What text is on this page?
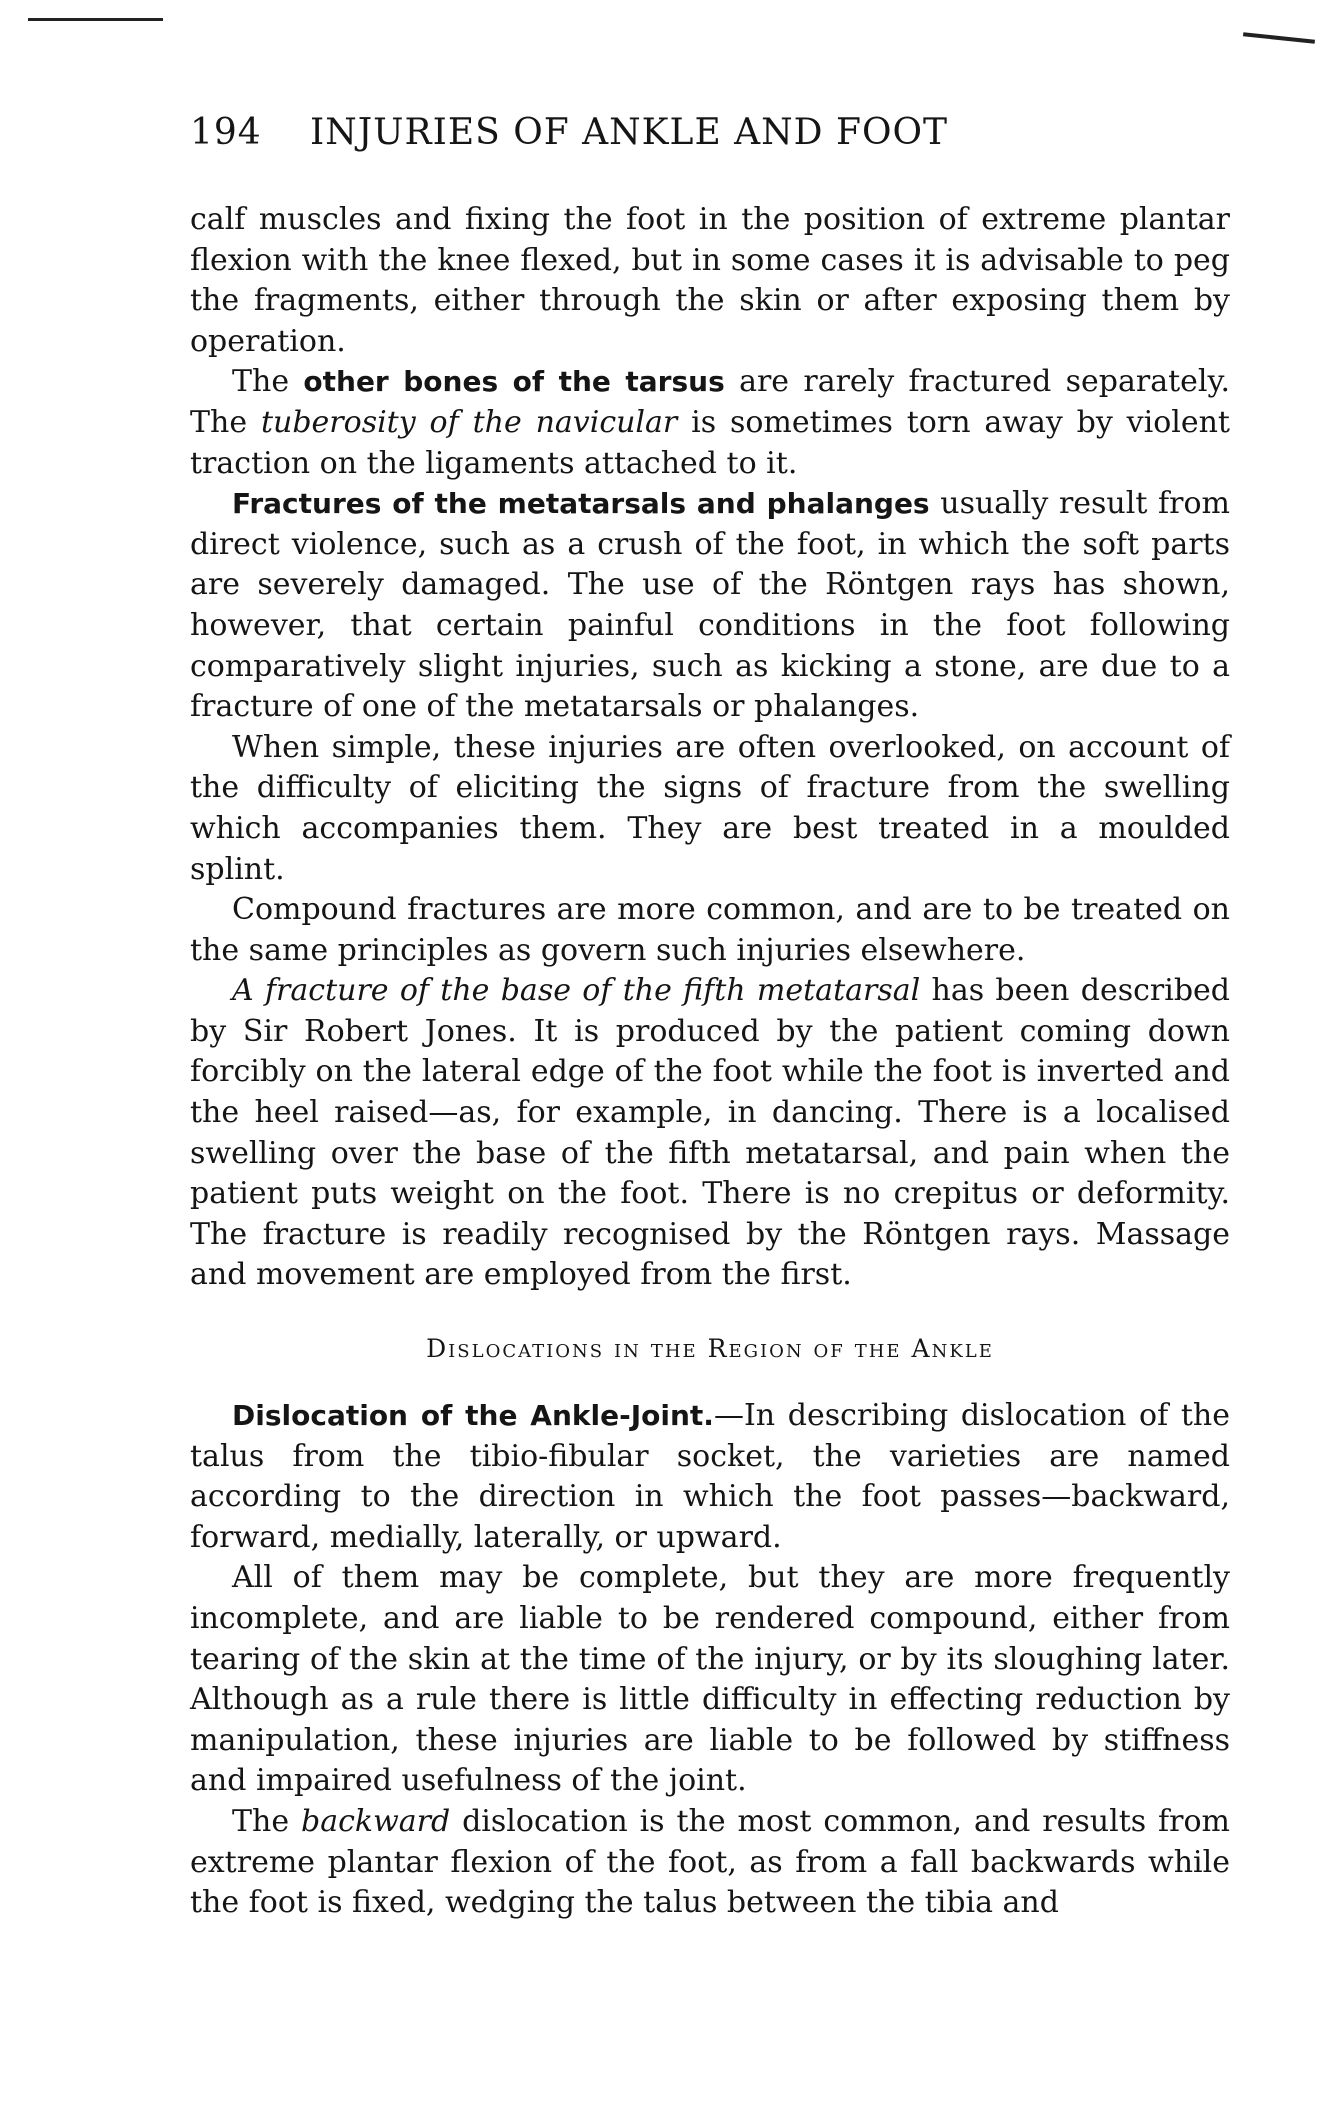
194 INJURIES OF ANKLE AND FOOT

calf muscles and fixing the foot in the position of extreme plantar flexion with the knee flexed, but in some cases it is advisable to peg the fragments, either through the skin or after exposing them by operation.

The other bones of the tarsus are rarely fractured separately. The tuberosity of the navicular is sometimes torn away by violent traction on the ligaments attached to it.

Fractures of the metatarsals and phalanges usually result from direct violence, such as a crush of the foot, in which the soft parts are severely damaged. The use of the Röntgen rays has shown, however, that certain painful conditions in the foot following comparatively slight injuries, such as kicking a stone, are due to a fracture of one of the metatarsals or phalanges.

When simple, these injuries are often overlooked, on account of the difficulty of eliciting the signs of fracture from the swelling which accompanies them. They are best treated in a moulded splint.

Compound fractures are more common, and are to be treated on the same principles as govern such injuries elsewhere.

A fracture of the base of the fifth metatarsal has been described by Sir Robert Jones. It is produced by the patient coming down forcibly on the lateral edge of the foot while the foot is inverted and the heel raised—as, for example, in dancing. There is a localised swelling over the base of the fifth metatarsal, and pain when the patient puts weight on the foot. There is no crepitus or deformity. The fracture is readily recognised by the Röntgen rays. Massage and movement are employed from the first.

Dislocations in the Region of the Ankle

Dislocation of the Ankle-Joint.—In describing dislocation of the talus from the tibio-fibular socket, the varieties are named according to the direction in which the foot passes—backward, forward, medially, laterally, or upward.

All of them may be complete, but they are more frequently incomplete, and are liable to be rendered compound, either from tearing of the skin at the time of the injury, or by its sloughing later. Although as a rule there is little difficulty in effecting reduction by manipulation, these injuries are liable to be followed by stiffness and impaired usefulness of the joint.

The backward dislocation is the most common, and results from extreme plantar flexion of the foot, as from a fall backwards while the foot is fixed, wedging the talus between the tibia and
